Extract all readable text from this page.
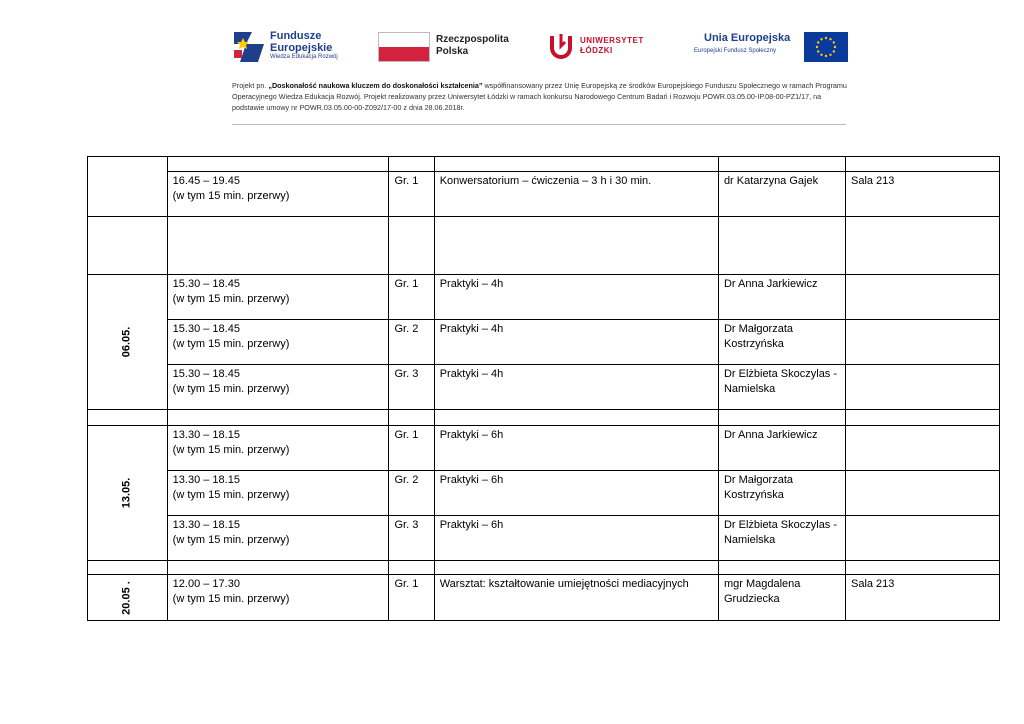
Fundusze
Europejskie
Wiedza Edukacja Rozwój
Rzeczpospolita
Polska
UNIWERSYTET
ŁÓDZKI
Unia Europejska
Europejski Fundusz Społeczny
Projekt pn. „Doskonałość naukowa kluczem do doskonałości kształcenia” współfinansowany przez Unię Europejską ze środków Europejskiego Funduszu Społecznego w ramach Programu Operacyjnego Wiedza Edukacja Rozwój. Projekt realizowany przez Uniwersytet Łódzki w ramach konkursu Narodowego Centrum Badań i Rozwoju POWR.03.05.00-IP.08-00-PZ1/17, na podstawie umowy nr POWR.03.05.00-00-Z092/17-00 z dnia 28.06.2018r.

	16.45 – 19.45
(w tym 15 min. przerwy)	Gr. 1	Konwersatorium – ćwiczenia – 3 h i 30 min.	dr Katarzyna Gajek	Sala 213

06.05.	15.30 – 18.45
(w tym 15 min. przerwy)	Gr. 1	Praktyki – 4h	Dr Anna Jarkiewicz	

	15.30 – 18.45
(w tym 15 min. przerwy)	Gr. 2	Praktyki – 4h	Dr Małgorzata Kostrzyńska	

	15.30 – 18.45
(w tym 15 min. przerwy)	Gr. 3	Praktyki – 4h	Dr Elżbieta Skoczylas - Namielska	

13.05.	13.30 – 18.15
(w tym 15 min. przerwy)	Gr. 1	Praktyki – 6h	Dr Anna Jarkiewicz	

	13.30 – 18.15
(w tym 15 min. przerwy)	Gr. 2	Praktyki – 6h	Dr Małgorzata Kostrzyńska	

	13.30 – 18.15
(w tym 15 min. przerwy)	Gr. 3	Praktyki – 6h	Dr Elżbieta Skoczylas - Namielska	

20.05 .	12.00 – 17.30
(w tym 15 min. przerwy)	Gr. 1	Warsztat: kształtowanie umiejętności mediacyjnych	mgr Magdalena Grudziecka	Sala 213
